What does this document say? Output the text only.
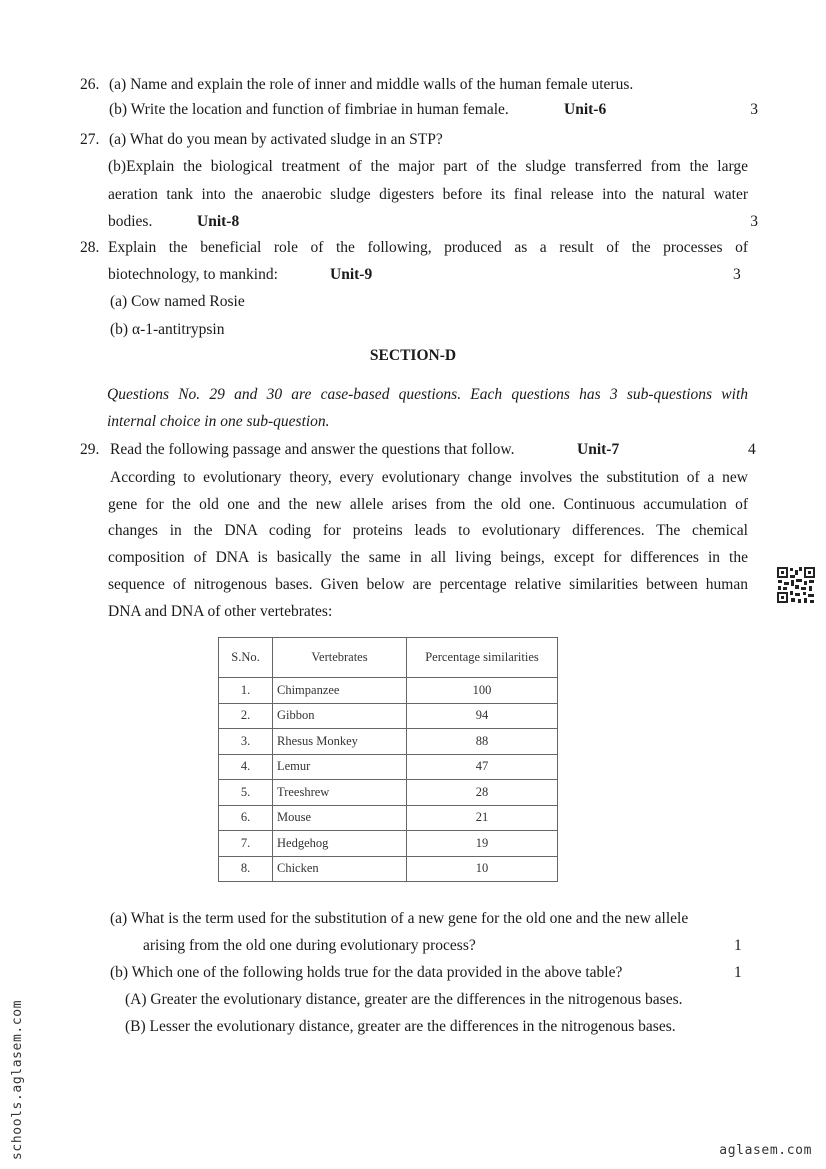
26. (a) Name and explain the role of inner and middle walls of the human female uterus.
(b) Write the location and function of fimbriae in human female.	Unit-6	3
27. (a) What do you mean by activated sludge in an STP?
(b)Explain the biological treatment of the major part of the sludge transferred from the large
aeration tank into the anaerobic sludge digesters before its final release into the natural water
bodies.	Unit-8	3
28. Explain the beneficial role of the following, produced as a result of the processes of
biotechnology, to mankind:	Unit-9	3
(a) Cow named Rosie
(b) α-1-antitrypsin
SECTION-D
Questions No. 29 and 30 are case-based questions. Each questions has 3 sub-questions with
internal choice in one sub-question.
29. Read the following passage and answer the questions that follow.	Unit-7	4
According to evolutionary theory, every evolutionary change involves the substitution of a new
gene for the old one and the new allele arises from the old one. Continuous accumulation of
changes in the DNA coding for proteins leads to evolutionary differences. The chemical
composition of DNA is basically the same in all living beings, except for differences in the
sequence of nitrogenous bases. Given below are percentage relative similarities between human
DNA and DNA of other vertebrates:
S.No.	Vertebrates	Percentage similarities
1.	Chimpanzee	100
2.	Gibbon	94
3.	Rhesus Monkey	88
4.	Lemur	47
5.	Treeshrew	28
6.	Mouse	21
7.	Hedgehog	19
8.	Chicken	10
(a) What is the term used for the substitution of a new gene for the old one and the new allele
arising from the old one during evolutionary process?	1
(b) Which one of the following holds true for the data provided in the above table?	1
(A) Greater the evolutionary distance, greater are the differences in the nitrogenous bases.
(B) Lesser the evolutionary distance, greater are the differences in the nitrogenous bases.
schools.aglasem.com	aglasem.com
